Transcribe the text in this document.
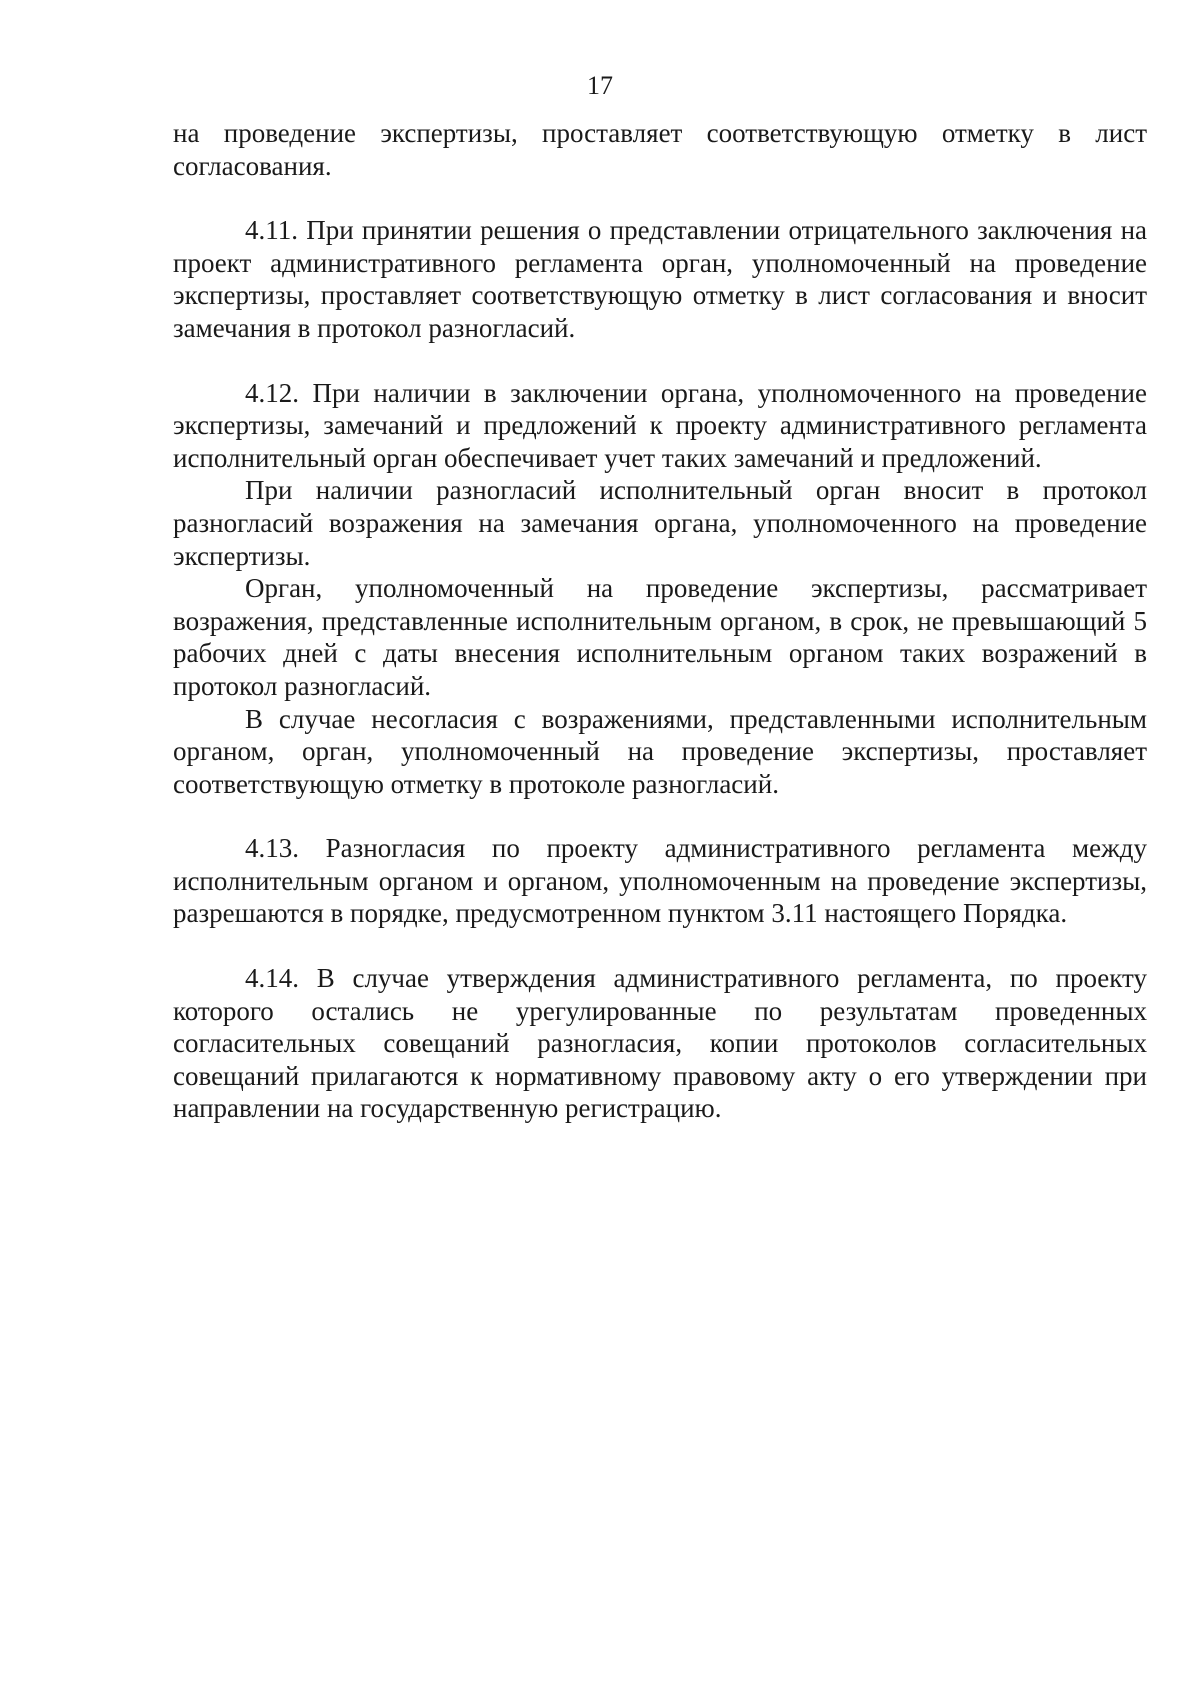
17

на проведение экспертизы, проставляет соответствующую отметку в лист согласования.

4.11. При принятии решения о представлении отрицательного заключения на проект административного регламента орган, уполномоченный на проведение экспертизы, проставляет соответствующую отметку в лист согласования и вносит замечания в протокол разногласий.

4.12. При наличии в заключении органа, уполномоченного на проведение экспертизы, замечаний и предложений к проекту административного регламента исполнительный орган обеспечивает учет таких замечаний и предложений.

При наличии разногласий исполнительный орган вносит в протокол разногласий возражения на замечания органа, уполномоченного на проведение экспертизы.

Орган, уполномоченный на проведение экспертизы, рассматривает возражения, представленные исполнительным органом, в срок, не превышающий 5 рабочих дней с даты внесения исполнительным органом таких возражений в протокол разногласий.

В случае несогласия с возражениями, представленными исполнительным органом, орган, уполномоченный на проведение экспертизы, проставляет соответствующую отметку в протоколе разногласий.

4.13. Разногласия по проекту административного регламента между исполнительным органом и органом, уполномоченным на проведение экспертизы, разрешаются в порядке, предусмотренном пунктом 3.11 настоящего Порядка.

4.14. В случае утверждения административного регламента, по проекту которого остались не урегулированные по результатам проведенных согласительных совещаний разногласия, копии протоколов согласительных совещаний прилагаются к нормативному правовому акту о его утверждении при направлении на государственную регистрацию.
